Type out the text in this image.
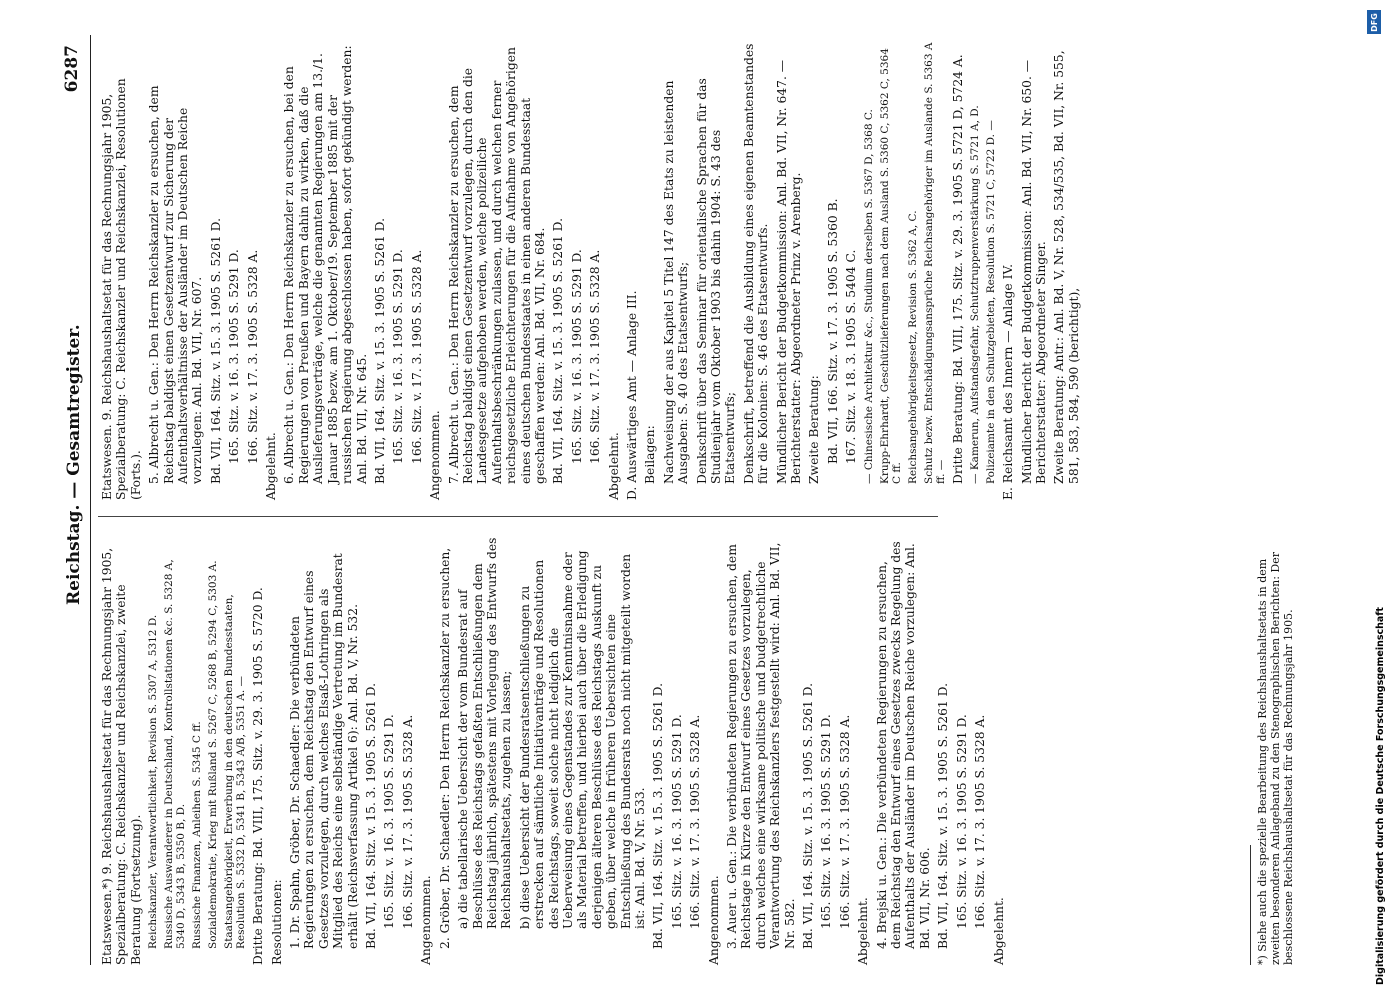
Reichstag. — Gesamtregister.
6287
Etatswesen.*) 9. Reichshaushaltsetat für das Rechnungsjahr 1905, Spezialberatung: C. Reichskanzler und Reichskanzlei, zweite Beratung (Fortsetzung). Reichskanzler, Verantwortlichkeit, Revision S. 5307 A, 5312 D. Russische Auswanderer in Deutschland, Kontrollstationen &c. S. 5328 A, 5340 D, 5343 B, 5350 B, D. Russische Finanzen, Anleihen S. 5345 C ff. Sozialdemokratie, Krieg mit Rußland S. 5267 C, 5268 B, 5294 C, 5303 A. Staatsangehörigkeit, Erwerbung in den deutschen Bundesstaaten, Resolution S. 5332 D, 5341 B, 5343 A/B, 5351 A. — Dritte Beratung: Bd. VIII, 175. Sitz. v. 29. 3. 1905 S. 5720 D. Resolutionen: 1. Dr. Spahn, Gröber, Dr. Schaedler: Die verbündeten Regierungen zu ersuchen, dem Reichstag den Entwurf eines Gesetzes vorzulegen, durch welches Elsaß-Lothringen als Mitglied des Reichs eine selbständige Vertretung im Bundesrat erhält (Reichsverfassung Artikel 6): Anl. Bd. V, Nr. 532. Bd. VII, 164. Sitz. v. 15. 3. 1905 S. 5261 D. 165. Sitz. v. 16. 3. 1905 S. 5291 D. 166. Sitz. v. 17. 3. 1905 S. 5328 A. Angenommen. 2. Gröber, Dr. Schaedler: Den Herrn Reichskanzler zu ersuchen, a) die tabellarische Uebersicht der vom Bundesrat auf Beschlüsse des Reichstags gefaßten Entschließungen dem Reichstag jährlich, spätestens mit Vorlegung des Entwurfs des Reichshaushaltsetats, zugehen zu lassen; b) diese Uebersicht der Bundesratsentschließungen zu erstrecken auf sämtliche Initiativanträge und Resolutionen des Reichstags, soweit solche nicht lediglich die Ueberweisung eines Gegenstandes zur Kenntnisnahme oder als Material betreffen, und hierbei auch über die Erledigung derjenigen älteren Beschlüsse des Reichstags Auskunft zu geben, über welche in früheren Uebersichten eine Entschließung des Bundesrats noch nicht mitgeteilt worden ist: Anl. Bd. V, Nr. 533. Bd. VII, 164. Sitz. v. 15. 3. 1905 S. 5261 D. 165. Sitz. v. 16. 3. 1905 S. 5291 D. 166. Sitz. v. 17. 3. 1905 S. 5328 A. Angenommen. 3. Auer u. Gen.: Die verbündeten Regierungen zu ersuchen, dem Reichstage in Kürze den Entwurf eines Gesetzes vorzulegen, durch welches eine wirksame politische und budgetrechtliche Verantwortung des Reichskanzlers festgestellt wird: Anl. Bd. VII, Nr. 582. Bd. VII, 164. Sitz. v. 15. 3. 1905 S. 5261 D. 165. Sitz. v. 16. 3. 1905 S. 5291 D. 166. Sitz. v. 17. 3. 1905 S. 5328 A.
Abgelehnt. 4. Brejski u. Gen.: Die verbündeten Regierungen zu ersuchen, dem Reichstag den Entwurf eines Gesetzes zwecks Regelung des Aufenthalts der Ausländer im Deutschen Reiche vorzulegen: Anl. Bd. VII, Nr. 606. Bd. VII, 164. Sitz. v. 15. 3. 1905 S. 5261 D. 165. Sitz. v. 16. 3. 1905 S. 5291 D. 166. Sitz. v. 17. 3. 1905 S. 5328 A.
Abgelehnt.
Etatswesen. 9. Reichshaushaltsetat für das Rechnungsjahr 1905, Spezialberatung: C. Reichskanzler und Reichskanzlei, Resolutionen (Forts.). 5. Albrecht u. Gen.: Den Herrn Reichskanzler zu ersuchen, dem Reichstag baldigst einen Gesetzentwurf zur Sicherung der Aufenthaltsverhältnisse der Ausländer im Deutschen Reiche vorzulegen: Anl. Bd. VII, Nr. 607. Bd. VII, 164. Sitz. v. 15. 3. 1905 S. 5261 D. 165. Sitz. v. 16. 3. 1905 S. 5291 D. 166. Sitz. v. 17. 3. 1905 S. 5328 A.
Abgelehnt. 6. Albrecht u. Gen.: Den Herrn Reichskanzler zu ersuchen, bei den Regierungen von Preußen und Bayern dahin zu wirken, daß die Auslieferungsverträge, welche die genannten Regierungen am 13./1. Januar 1885 bezw. am 1. Oktober/19. September 1885 mit der russischen Regierung abgeschlossen haben, sofort gekündigt werden: Anl. Bd. VII, Nr. 645. Bd. VII, 164. Sitz. v. 15. 3. 1905 S. 5261 D. 165. Sitz. v. 16. 3. 1905 S. 5291 D. 166. Sitz. v. 17. 3. 1905 S. 5328 A. Angenommen. 7. Albrecht u. Gen.: Den Herrn Reichskanzler zu ersuchen, dem Reichstag baldigst einen Gesetzentwurf vorzulegen, durch den die Landesgesetze aufgehoben werden, welche polizeiliche Aufenthaltsbeschränkungen zulassen, und durch welchen ferner reichsgesetzliche Erleichterungen für die Aufnahme von Angehörigen eines deutschen Bundesstaates in einen anderen Bundesstaat geschaffen werden: Anl. Bd. VII, Nr. 684. Bd. VII, 164. Sitz. v. 15. 3. 1905 S. 5261 D. 165. Sitz. v. 16. 3. 1905 S. 5291 D. 166. Sitz. v. 17. 3. 1905 S. 5328 A.
Abgelehnt. D. Auswärtiges Amt — Anlage III. Beilagen: Nachweisung der aus Kapitel 5 Titel 147 des Etats zu leistenden Ausgaben: S. 40 des Etatsentwurfs; Denkschrift über das Seminar für orientalische Sprachen für das Studienjahr vom Oktober 1903 bis dahin 1904: S. 43 des Etatsentwurfs; Denkschrift, betreffend die Ausbildung eines eigenen Beamtenstandes für die Kolonien: S. 46 des Etatsentwurfs. Mündlicher Bericht der Budgetkommission: Anl. Bd. VII, Nr. 647. — Berichterstatter: Abgeordneter Prinz v. Arenberg. Zweite Beratung: Bd. VII, 166. Sitz. v. 17. 3. 1905 S. 5360 B. 167. Sitz. v. 18. 3. 1905 S. 5404 C. — Chinesische Architektur &c., Studium derselben S. 5367 D, 5368 C. Krupp-Ehrhardt, Geschützlieferungen nach dem Ausland S. 5360 C, 5362 C, 5364 C ff. Reichsangehörigkeitsgesetz, Revision S. 5362 A, C. Schutz bezw. Entschädigungsansprüche Reichsangehöriger im Auslande S. 5363 A ff. — Dritte Beratung: Bd. VIII, 175. Sitz. v. 29. 3. 1905 S. 5721 D, 5724 A. — Kamerun, Aufstandsgefahr, Schutztruppenverstärkung S. 5721 A, D. Polizeiamte in den Schutzgebieten, Resolution S. 5721 C, 5722 D. — E. Reichsamt des Innern — Anlage IV. Mündlicher Bericht der Budgetkommission: Anl. Bd. VII, Nr. 650. — Berichterstatter: Abgeordneter Singer. Zweite Beratung: Antr.: Anl. Bd. V, Nr. 528, 534/535, Bd. VII, Nr. 555, 581, 583, 584, 590 (berichtigt),
*) Siehe auch die spezielle Bearbeitung des Reichshaushaltsetats in dem zweiten besonderen Anlageband zu den Stenographischen Berichten: Der beschlossene Reichshaushaltsetat für das Rechnungsjahr 1905.	Digitalisierung gefördert durch die Deutsche Forschungsgemeinschaft
DFG
